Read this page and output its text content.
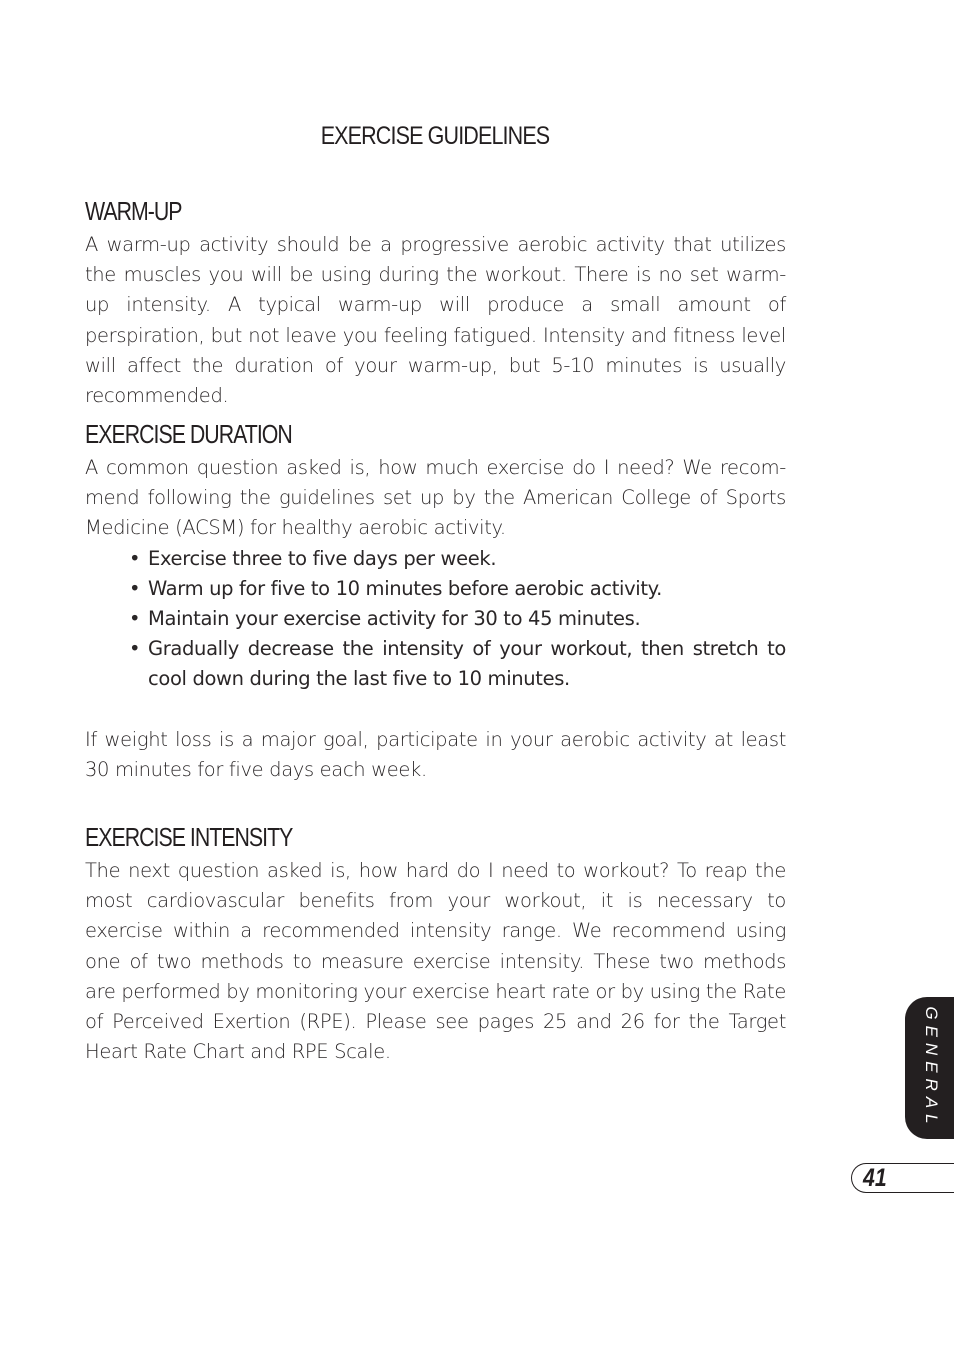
EXERCISE GUIDELINES
WARM-UP

A warm-up activity should be a progressive aerobic activity that utilizes the muscles you will be using during the workout. There is no set warm-up intensity. A typical warm-up will produce a small amount of perspiration, but not leave you feeling fatigued. Intensity and fitness level will affect the duration of your warm-up, but 5-10 minutes is usually recommended.

EXERCISE DURATION

A common question asked is, how much exercise do I need? We recom-mend following the guidelines set up by the American College of Sports Medicine (ACSM) for healthy aerobic activity.

• Exercise three to five days per week.
• Warm up for five to 10 minutes before aerobic activity.
• Maintain your exercise activity for 30 to 45 minutes.
• Gradually decrease the intensity of your workout, then stretch to cool down during the last five to 10 minutes.

If weight loss is a major goal, participate in your aerobic activity at least 30 minutes for five days each week.

EXERCISE INTENSITY

The next question asked is, how hard do I need to workout? To reap the most cardiovascular benefits from your workout, it is necessary to exercise within a recommended intensity range. We recommend using one of two methods to measure exercise intensity. These two methods are performed by monitoring your exercise heart rate or by using the Rate of Perceived Exertion (RPE). Please see pages 25 and 26 for the Target Heart Rate Chart and RPE Scale.	GENERAL
41
